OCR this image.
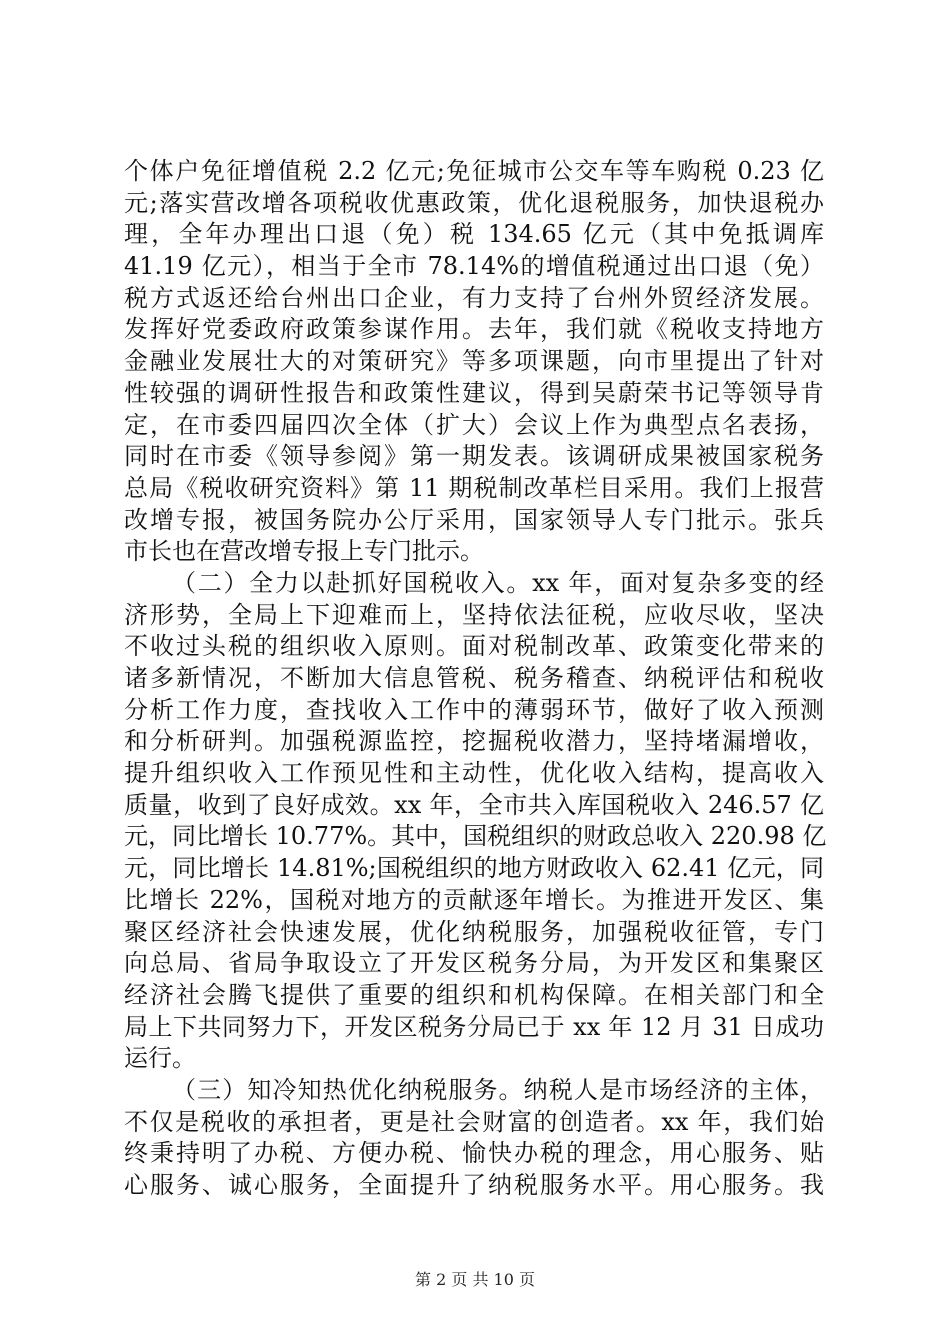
个体户免征增值税 2.2 亿元;免征城市公交车等车购税 0.23 亿
元;落实营改增各项税收优惠政策，优化退税服务，加快退税办
理，全年办理出口退（免）税 134.65 亿元（其中免抵调库
41.19 亿元），相当于全市 78.14%的增值税通过出口退（免）
税方式返还给台州出口企业，有力支持了台州外贸经济发展。
发挥好党委政府政策参谋作用。去年，我们就《税收支持地方
金融业发展壮大的对策研究》等多项课题，向市里提出了针对
性较强的调研性报告和政策性建议，得到吴蔚荣书记等领导肯
定，在市委四届四次全体（扩大）会议上作为典型点名表扬，
同时在市委《领导参阅》第一期发表。该调研成果被国家税务
总局《税收研究资料》第 11 期税制改革栏目采用。我们上报营
改增专报，被国务院办公厅采用，国家领导人专门批示。张兵
市长也在营改增专报上专门批示。
（二）全力以赴抓好国税收入。xx 年，面对复杂多变的经
济形势，全局上下迎难而上，坚持依法征税，应收尽收，坚决
不收过头税的组织收入原则。面对税制改革、政策变化带来的
诸多新情况，不断加大信息管税、税务稽查、纳税评估和税收
分析工作力度，查找收入工作中的薄弱环节，做好了收入预测
和分析研判。加强税源监控，挖掘税收潜力，坚持堵漏增收，
提升组织收入工作预见性和主动性，优化收入结构，提高收入
质量，收到了良好成效。xx 年，全市共入库国税收入 246.57 亿
元，同比增长 10.77%。其中，国税组织的财政总收入 220.98 亿
元，同比增长 14.81%;国税组织的地方财政收入 62.41 亿元，同
比增长 22%，国税对地方的贡献逐年增长。为推进开发区、集
聚区经济社会快速发展，优化纳税服务，加强税收征管，专门
向总局、省局争取设立了开发区税务分局，为开发区和集聚区
经济社会腾飞提供了重要的组织和机构保障。在相关部门和全
局上下共同努力下，开发区税务分局已于 xx 年 12 月 31 日成功
运行。
（三）知冷知热优化纳税服务。纳税人是市场经济的主体，
不仅是税收的承担者，更是社会财富的创造者。xx 年，我们始
终秉持明了办税、方便办税、愉快办税的理念，用心服务、贴
心服务、诚心服务，全面提升了纳税服务水平。用心服务。我
第 2 页 共 10 页
